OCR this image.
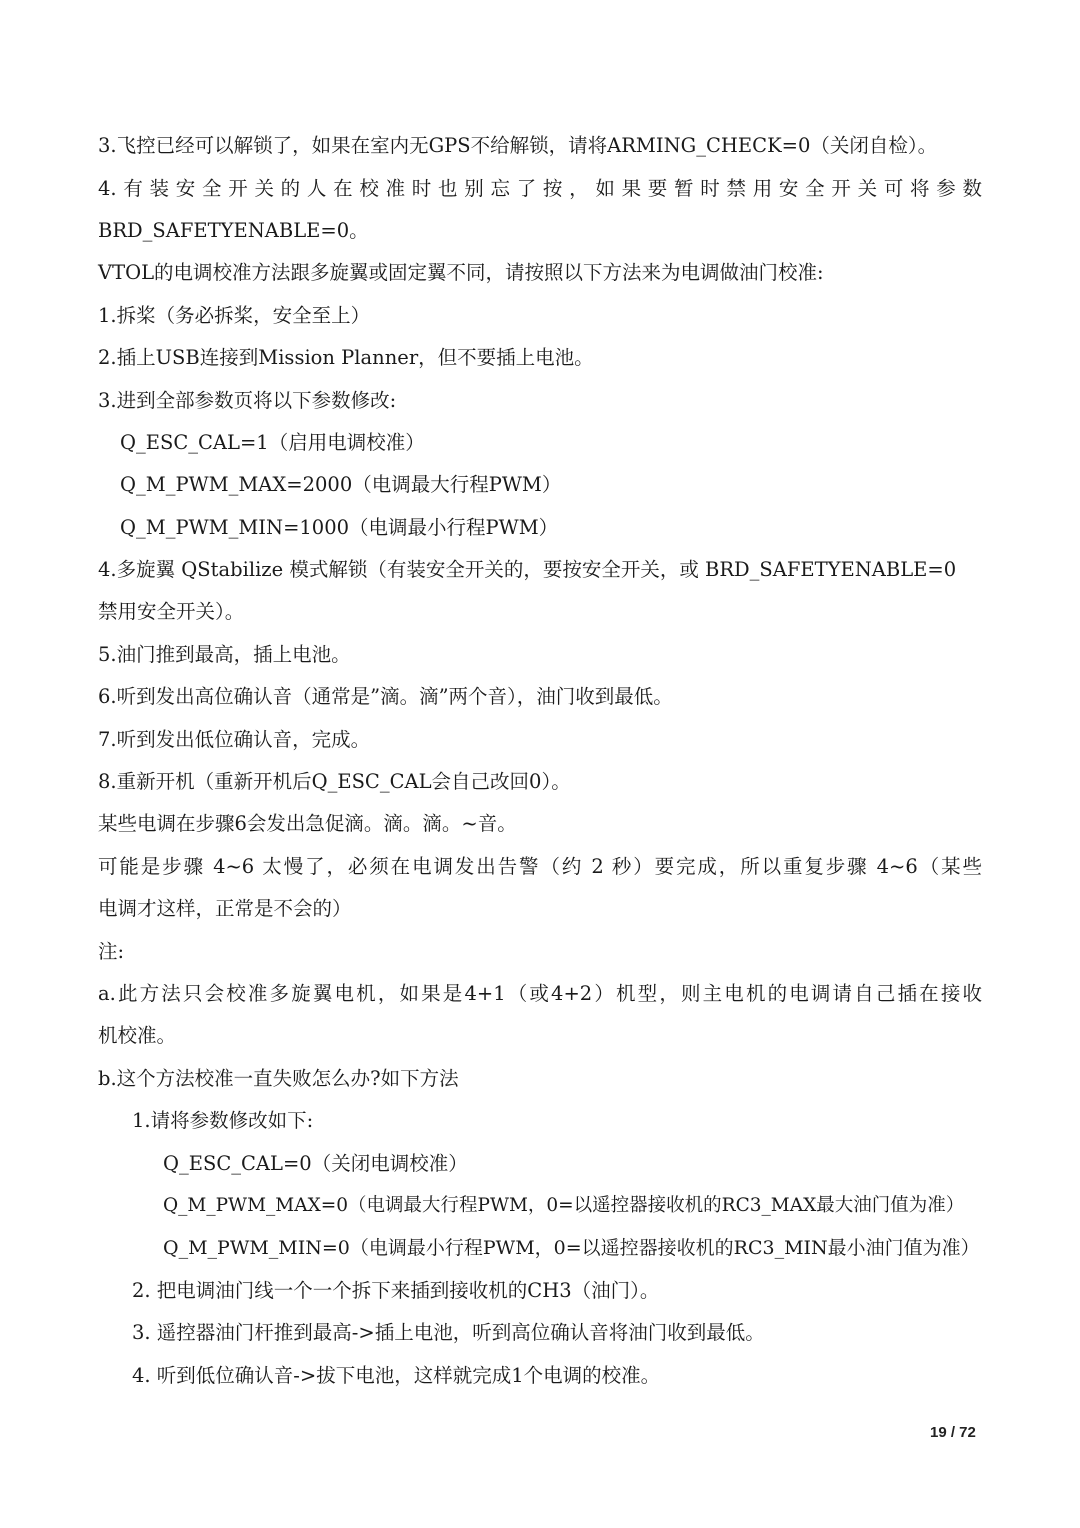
3.飞控已经可以解锁了，如果在室内无GPS不给解锁，请将ARMING_CHECK=0（关闭自检）。
4.有装安全开关的人在校准时也别忘了按，如果要暂时禁用安全开关可将参数
BRD_SAFETYENABLE=0。
VTOL的电调校准方法跟多旋翼或固定翼不同，请按照以下方法来为电调做油门校准:
1.拆桨（务必拆桨，安全至上）
2.插上USB连接到Mission Planner，但不要插上电池。
3.进到全部参数页将以下参数修改:
Q_ESC_CAL=1（启用电调校准）
Q_M_PWM_MAX=2000（电调最大行程PWM）
Q_M_PWM_MIN=1000（电调最小行程PWM）
4.多旋翼 QStabilize 模式解锁（有装安全开关的，要按安全开关，或 BRD_SAFETYENABLE=0
禁用安全开关）。
5.油门推到最高，插上电池。
6.听到发出高位确认音（通常是”滴。滴”两个音），油门收到最低。
7.听到发出低位确认音，完成。
8.重新开机（重新开机后Q_ESC_CAL会自己改回0）。
某些电调在步骤6会发出急促滴。滴。滴。~音。
可能是步骤 4~6 太慢了，必须在电调发出告警（约 2 秒）要完成，所以重复步骤 4~6（某些
电调才这样，正常是不会的）
注:
a.此方法只会校准多旋翼电机，如果是4+1（或4+2）机型，则主电机的电调请自己插在接收
机校准。
b.这个方法校准一直失败怎么办?如下方法
1.请将参数修改如下:
Q_ESC_CAL=0（关闭电调校准）
Q_M_PWM_MAX=0（电调最大行程PWM，0=以遥控器接收机的RC3_MAX最大油门值为准）
Q_M_PWM_MIN=0（电调最小行程PWM，0=以遥控器接收机的RC3_MIN最小油门值为准）
2. 把电调油门线一个一个拆下来插到接收机的CH3（油门）。
3. 遥控器油门杆推到最高->插上电池，听到高位确认音将油门收到最低。
4. 听到低位确认音->拔下电池，这样就完成1个电调的校准。
19 / 72
